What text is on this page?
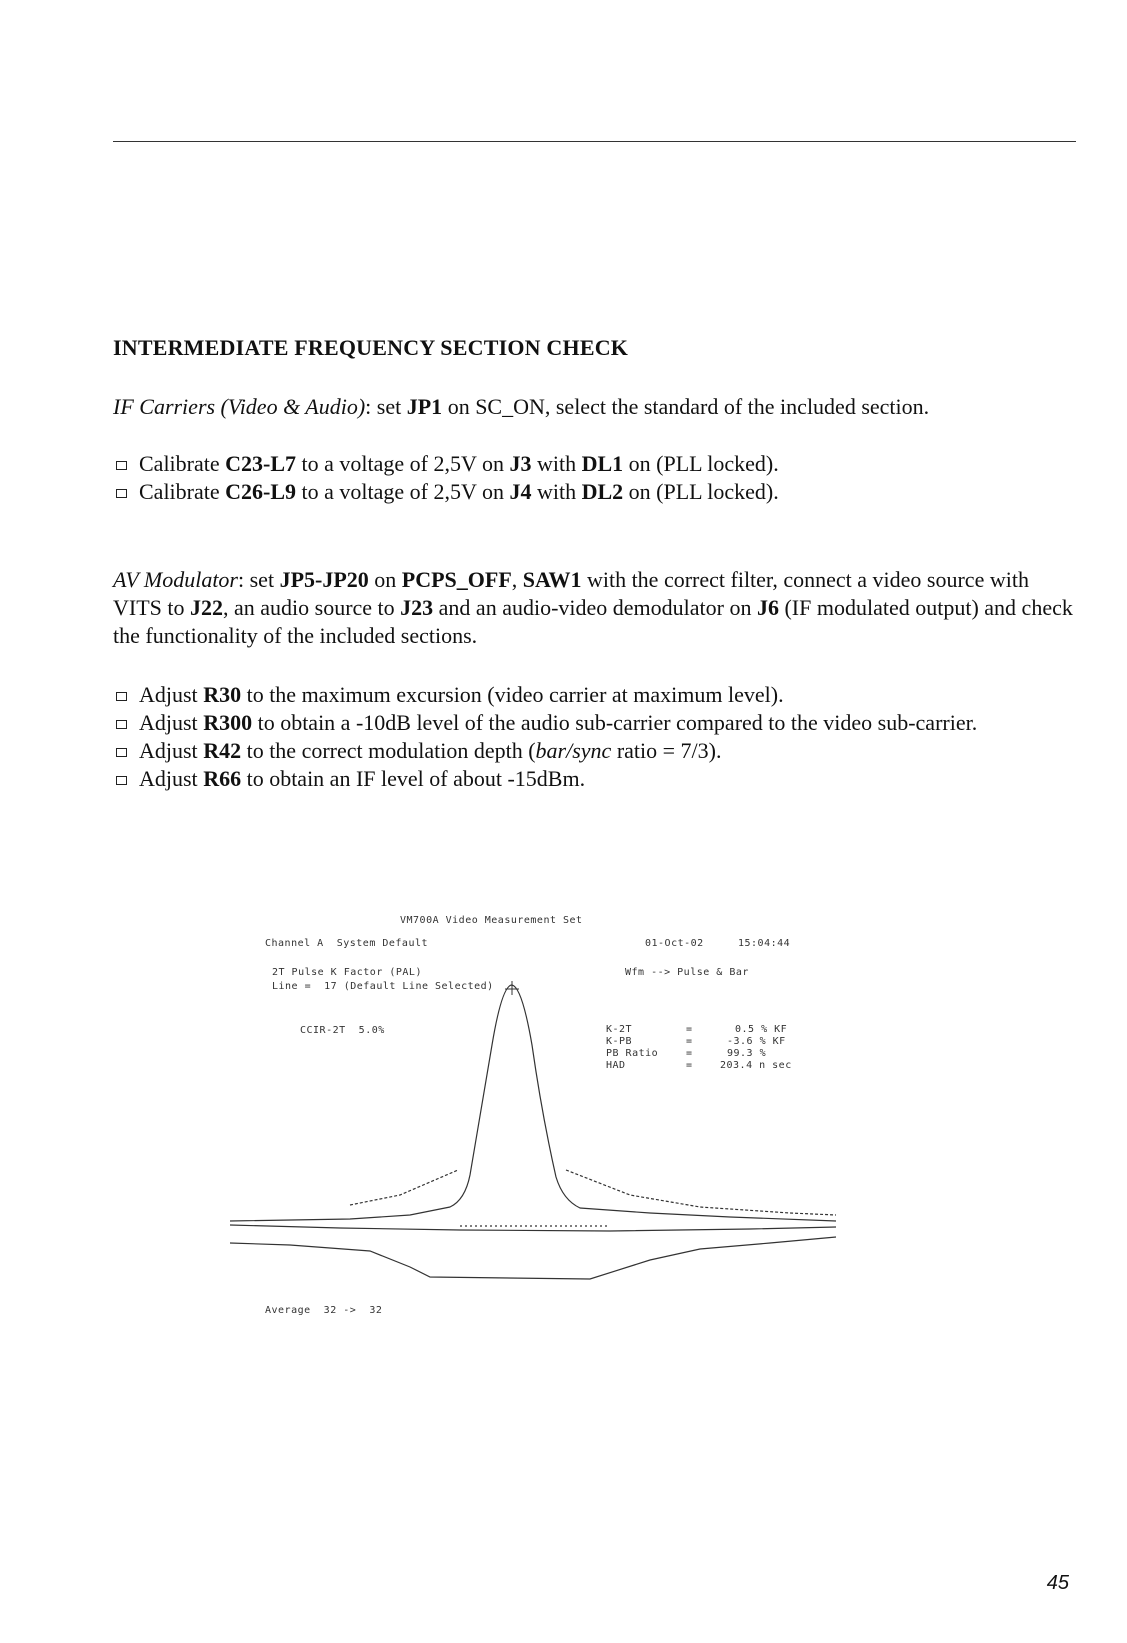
INTERMEDIATE FREQUENCY SECTION CHECK
IF Carriers (Video & Audio): set JP1 on SC_ON, select the standard of the included section.
Calibrate C23-L7 to a voltage of 2,5V on J3 with DL1 on (PLL locked).
Calibrate C26-L9 to a voltage of 2,5V on J4 with DL2 on (PLL locked).
AV Modulator: set JP5-JP20 on PCPS_OFF, SAW1 with the correct filter, connect a video source with VITS to J22, an audio source to J23 and an audio-video demodulator on J6 (IF modulated output) and check the functionality of the included sections.
Adjust R30 to the maximum excursion (video carrier at maximum level).
Adjust R300 to obtain a -10dB level of the audio sub-carrier compared to the video sub-carrier.
Adjust R42 to the correct modulation depth (bar/sync ratio = 7/3).
Adjust R66 to obtain an IF level of about -15dBm.
VM700A Video Measurement Set
Channel A  System Default	01-Oct-02	15:04:44
2T Pulse K Factor (PAL)
Line =  17 (Default Line Selected)
Wfm --> Pulse & Bar
CCIR-2T  5.0%	K-2T	=	0.5 % KF
K-PB	=	-3.6 % KF
PB Ratio	=	99.3 %
HAD	=	203.4 n sec
Average  32 ->  32
45
